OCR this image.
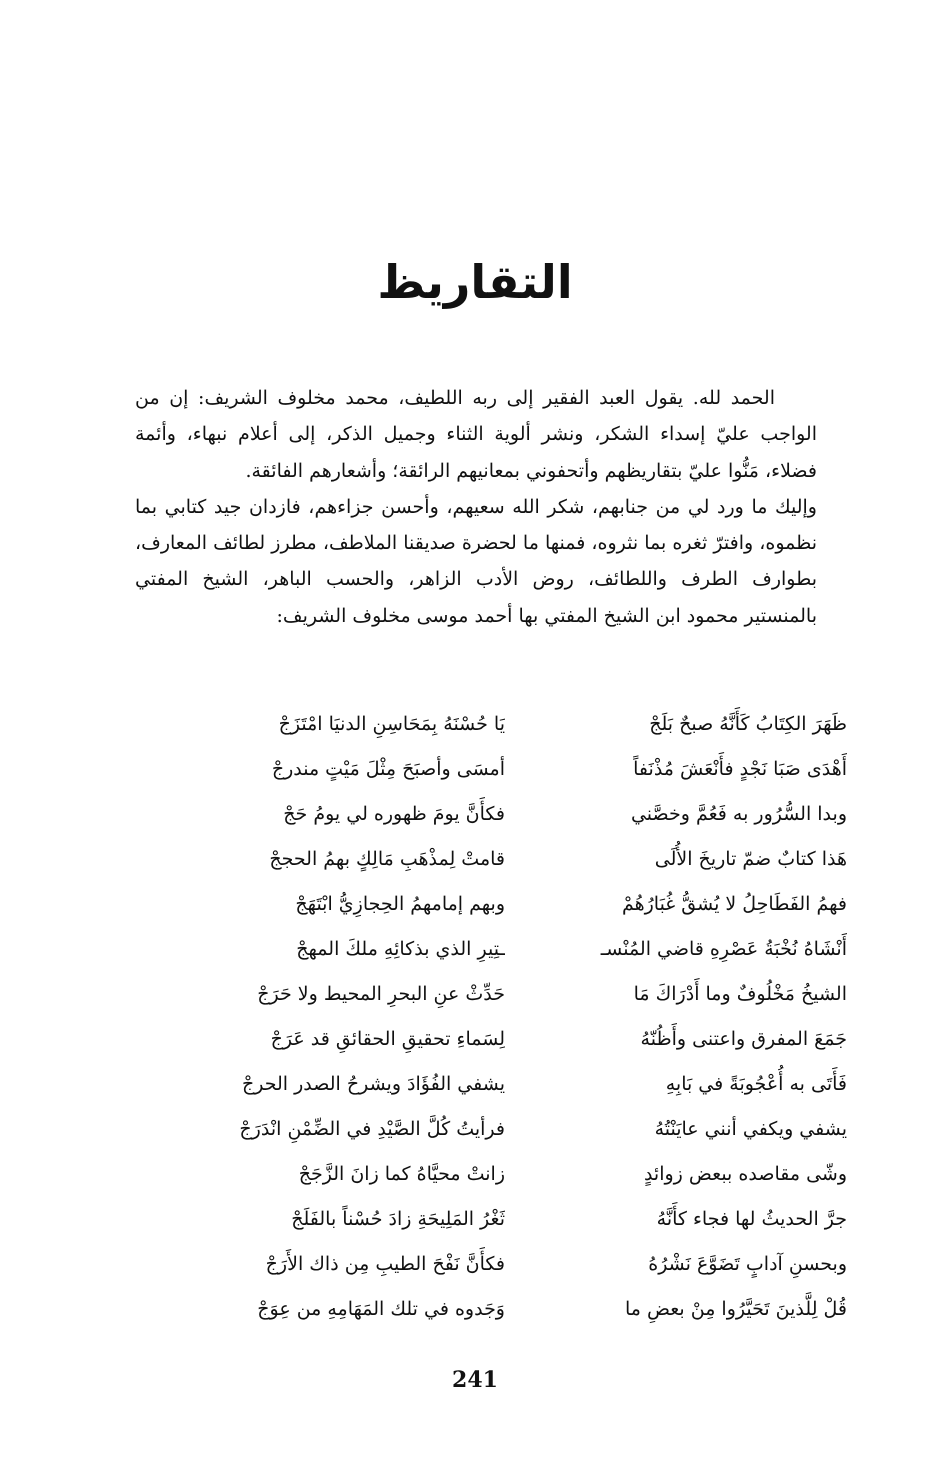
التقاريظ
الحمد لله. يقول العبد الفقير إلى ربه اللطيف، محمد مخلوف الشريف: إن من الواجب عليّ إسداء الشكر، ونشر ألوية الثناء وجميل الذكر، إلى أعلام نبهاء، وأئمة فضلاء، مَنُّوا عليّ بتقاريظهم وأتحفوني بمعانيهم الرائقة؛ وأشعارهم الفائقة.
وإليك ما ورد لي من جنابهم، شكر الله سعيهم، وأحسن جزاءهم، فازدان جيد كتابي بما نظموه، وافترّ ثغره بما نثروه، فمنها ما لحضرة صديقنا الملاطف، مطرز لطائف المعارف، بطوارف الطرف واللطائف، روض الأدب الزاهر، والحسب الباهر، الشيخ المفتي بالمنستير محمود ابن الشيخ المفتي بها أحمد موسى مخلوف الشريف:
ظَهَرَ الكِتَابُ كَأَنَّهُ صبحٌ بَلَجْ
يَا حُسْنَهُ بِمَحَاسِنِ الدنيَا امْتَزَجْ
أَهْدَى صَبَا نَجْدٍ فأَنْعَشَ مُذْنَفاً
أمسَى وأصبَحَ مِثْلَ مَيْتٍ مندرجْ
وبدا السُّرُور به فَعُمَّ وخصَّني
فكأَنَّ يومَ ظهوره لي يومُ حَجْ
هَذا كتابٌ ضمّ تاريخَ الأُلَى
قامتْ لِمذْهَبِ مَالِكٍ بهمُ الحججْ
فهمُ الفَطَاحِلُ لا يُشقُّ غُبَارُهُمْ
وبهم إمامهمُ الحِجازِيُّ ابْتَهَجْ
أَنْشَاهُ نُخْبَةُ عَصْرِهِ قاضي المُنْسـ
ـتِيرِ الذي بذكائِهِ ملكَ المهجْ
الشيخُ مَخْلُوفٌ وما أَدْرَاكَ مَا
حَدِّثْ عنِ البحرِ المحيط ولا حَرَجْ
جَمَعَ المفرق واعتنى وأَظُنّهُ
لِسَماءِ تحقيقِ الحقائقِ قد عَرَجْ
فَأَتَى به أُعْجُوبَةً في بَابِهِ
يشفي الفُؤَادَ ويشرحُ الصدر الحرجْ
يشفي ويكفي أنني عايَنْتُهُ
فرأيتُ كُلَّ الصَّيْدِ في الضِّمْنِ انْدَرَجْ
وشّى مقاصده ببعض زوائدٍ
زانتْ محيَّاهُ كما زانَ الزَّجَجْ
جرَّ الحديثُ لها فجاء كأَنَّهُ
ثَغْرُ المَلِيحَةِ زادَ حُسْناً بالفَلَجْ
وبحسنِ آدابٍ تَضَوَّعَ نَشْرُهُ
فكأَنَّ نَفْحَ الطيبِ مِن ذاك الأَرَجْ
قُلْ لِلَّذينَ تَحَيَّرُوا مِنْ بعضِ ما
وَجَدوه في تلك المَهَامِهِ من عِوَجْ
241
